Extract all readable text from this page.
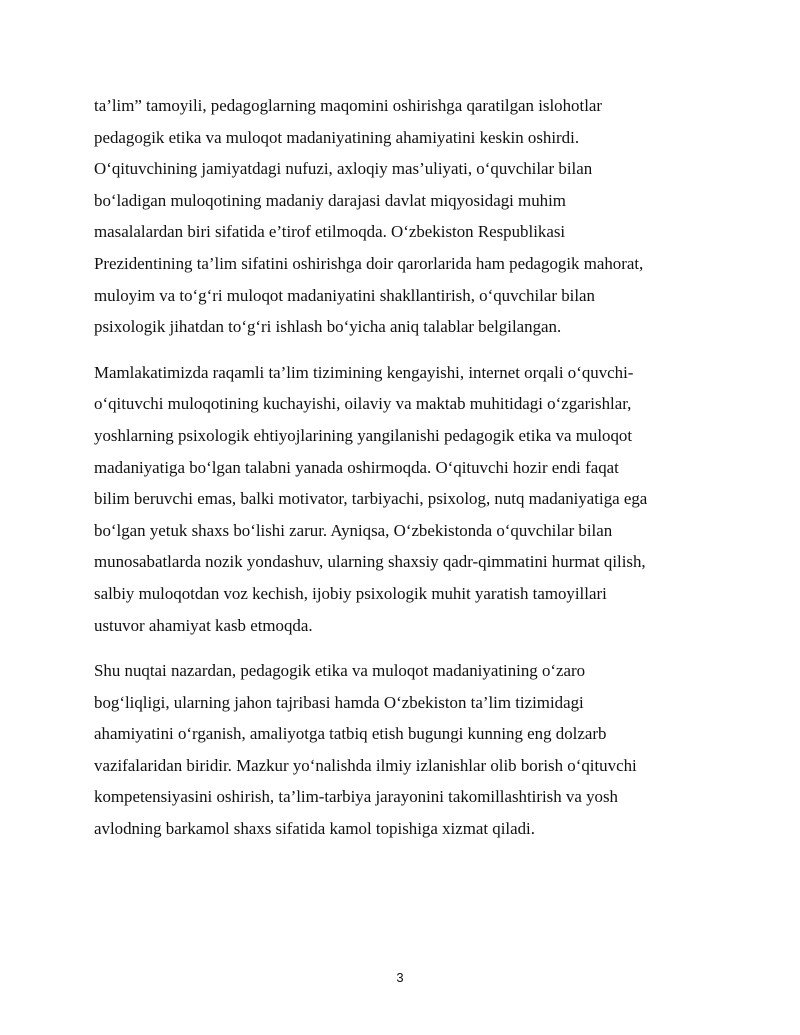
ta’lim” tamoyili, pedagoglarning maqomini oshirishga qaratilgan islohotlar
pedagogik etika va muloqot madaniyatining ahamiyatini keskin oshirdi.
O‘qituvchining jamiyatdagi nufuzi, axloqiy mas’uliyati, o‘quvchilar bilan
bo‘ladigan muloqotining madaniy darajasi davlat miqyosidagi muhim
masalalardan biri sifatida e’tirof etilmoqda. O‘zbekiston Respublikasi
Prezidentining ta’lim sifatini oshirishga doir qarorlarida ham pedagogik mahorat,
muloyim va to‘g‘ri muloqot madaniyatini shakllantirish, o‘quvchilar bilan
psixologik jihatdan to‘g‘ri ishlash bo‘yicha aniq talablar belgilangan.

Mamlakatimizda raqamli ta’lim tizimining kengayishi, internet orqali o‘quvchi-
o‘qituvchi muloqotining kuchayishi, oilaviy va maktab muhitidagi o‘zgarishlar,
yoshlarning psixologik ehtiyojlarining yangilanishi pedagogik etika va muloqot
madaniyatiga bo‘lgan talabni yanada oshirmoqda. O‘qituvchi hozir endi faqat
bilim beruvchi emas, balki motivator, tarbiyachi, psixolog, nutq madaniyatiga ega
bo‘lgan yetuk shaxs bo‘lishi zarur. Ayniqsa, O‘zbekistonda o‘quvchilar bilan
munosabatlarda nozik yondashuv, ularning shaxsiy qadr-qimmatini hurmat qilish,
salbiy muloqotdan voz kechish, ijobiy psixologik muhit yaratish tamoyillari
ustuvor ahamiyat kasb etmoqda.

Shu nuqtai nazardan, pedagogik etika va muloqot madaniyatining o‘zaro
bog‘liqligi, ularning jahon tajribasi hamda O‘zbekiston ta’lim tizimidagi
ahamiyatini o‘rganish, amaliyotga tatbiq etish bugungi kunning eng dolzarb
vazifalaridan biridir. Mazkur yo‘nalishda ilmiy izlanishlar olib borish o‘qituvchi
kompetensiyasini oshirish, ta’lim-tarbiya jarayonini takomillashtirish va yosh
avlodning barkamol shaxs sifatida kamol topishiga xizmat qiladi.

3
